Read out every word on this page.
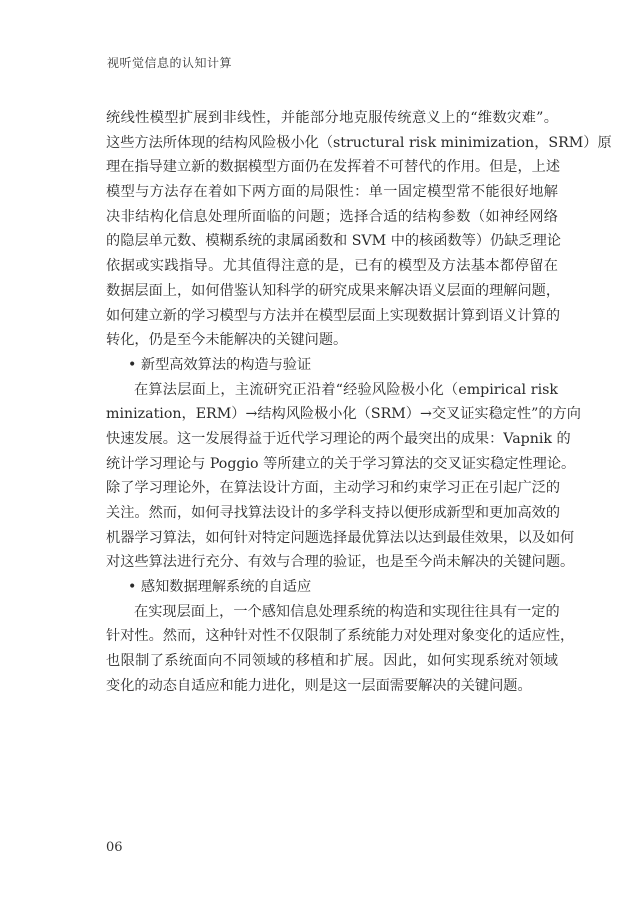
视听觉信息的认知计算
统线性模型扩展到非线性，并能部分地克服传统意义上的“维数灾难”。
这些方法所体现的结构风险极小化（structural risk minimization，SRM）原
理在指导建立新的数据模型方面仍在发挥着不可替代的作用。但是，上述
模型与方法存在着如下两方面的局限性：单一固定模型常不能很好地解
决非结构化信息处理所面临的问题；选择合适的结构参数（如神经网络
的隐层单元数、模糊系统的隶属函数和 SVM 中的核函数等）仍缺乏理论
依据或实践指导。尤其值得注意的是，已有的模型及方法基本都停留在
数据层面上，如何借鉴认知科学的研究成果来解决语义层面的理解问题，
如何建立新的学习模型与方法并在模型层面上实现数据计算到语义计算的
转化，仍是至今未能解决的关键问题。
• 新型高效算法的构造与验证
在算法层面上，主流研究正沿着“经验风险极小化（empirical risk
minization，ERM）→结构风险极小化（SRM）→交叉证实稳定性”的方向
快速发展。这一发展得益于近代学习理论的两个最突出的成果：Vapnik 的
统计学习理论与 Poggio 等所建立的关于学习算法的交叉证实稳定性理论。
除了学习理论外，在算法设计方面，主动学习和约束学习正在引起广泛的
关注。然而，如何寻找算法设计的多学科支持以便形成新型和更加高效的
机器学习算法，如何针对特定问题选择最优算法以达到最佳效果，以及如何
对这些算法进行充分、有效与合理的验证，也是至今尚未解决的关键问题。
• 感知数据理解系统的自适应
在实现层面上，一个感知信息处理系统的构造和实现往往具有一定的
针对性。然而，这种针对性不仅限制了系统能力对处理对象变化的适应性，
也限制了系统面向不同领域的移植和扩展。因此，如何实现系统对领域
变化的动态自适应和能力进化，则是这一层面需要解决的关键问题。
06
